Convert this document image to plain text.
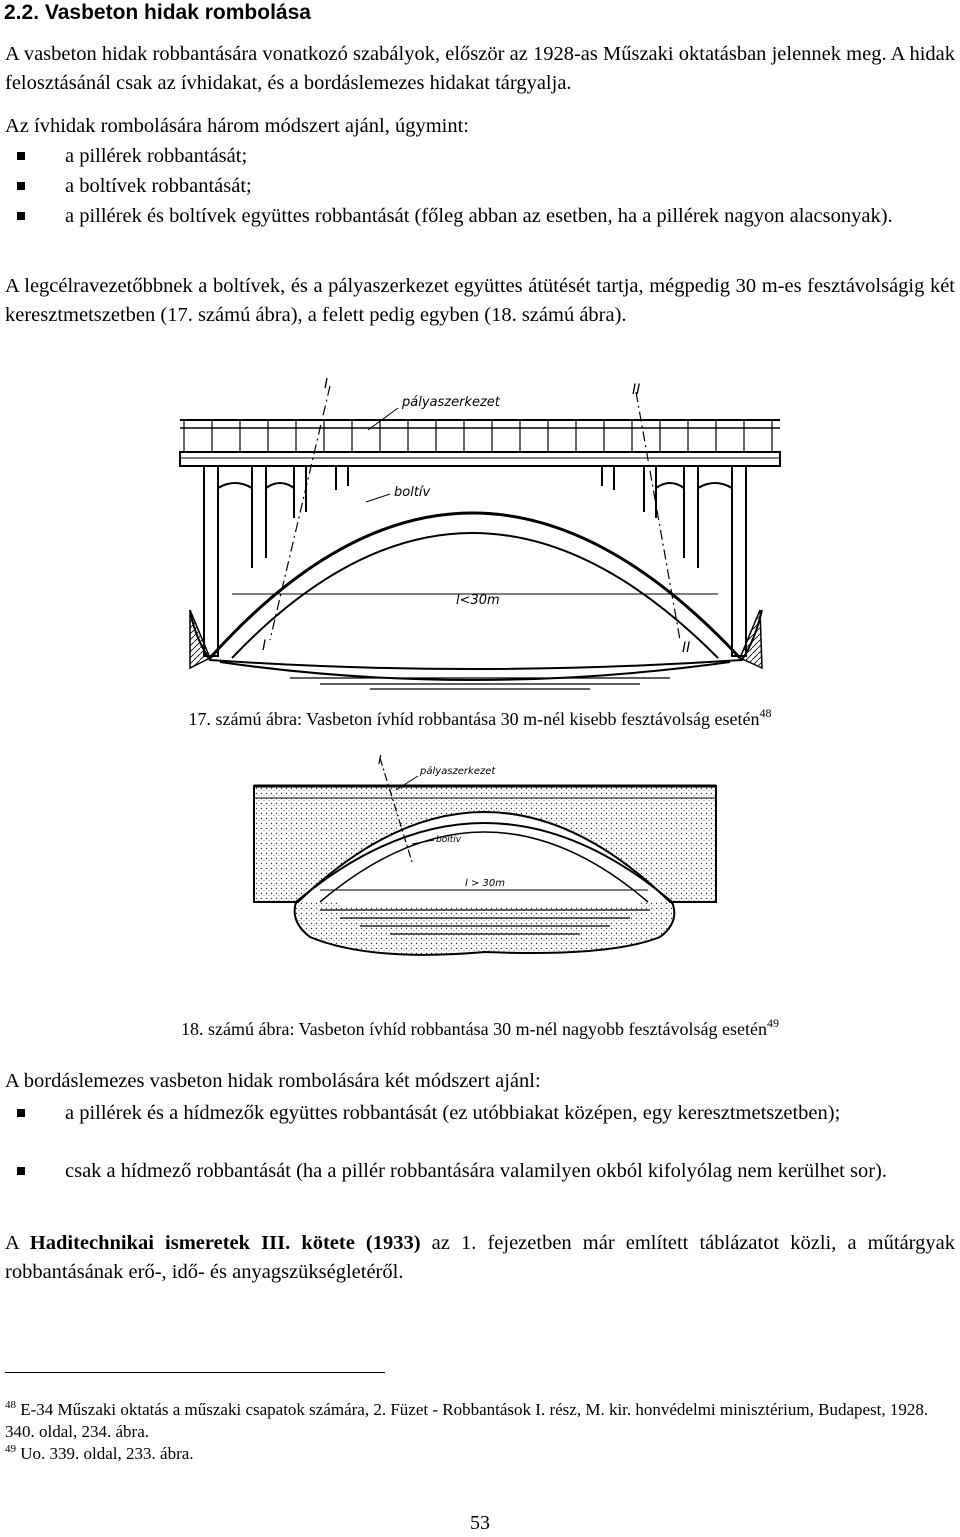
2.2. Vasbeton hidak rombolása

A vasbeton hidak robbantására vonatkozó szabályok, először az 1928-as Műszaki oktatásban jelennek meg. A hidak felosztásánál csak az ívhidakat, és a bordáslemezes hidakat tárgyalja.

Az ívhidak rombolására három módszert ajánl, úgymint:

a pillérek robbantását;
a boltívek robbantását;
a pillérek és boltívek együttes robbantását (főleg abban az esetben, ha a pillérek nagyon alacsonyak).

A legcélravezetőbbnek a boltívek, és a pályaszerkezet együttes átütését tartja, mégpedig 30 m-es fesztávolságig két keresztmetszetben (17. számú ábra), a felett pedig egyben (18. számú ábra).

l<30m
I	II
I	II
pályaszerkezet
boltív
17. számú ábra: Vasbeton ívhíd robbantása 30 m-nél kisebb fesztávolság esetén$^{48}$
l > 30m
I
pályaszerkezet
boltív
18. számú ábra: Vasbeton ívhíd robbantása 30 m-nél nagyobb fesztávolság esetén$^{49}$

A bordáslemezes vasbeton hidak rombolására két módszert ajánl:

a pillérek és a hídmezők együttes robbantását (ez utóbbiakat középen, egy keresztmetszetben);
csak a hídmező robbantását (ha a pillér robbantására valamilyen okból kifolyólag nem kerülhet sor).

A Haditechnikai ismeretek III. kötete (1933) az 1. fejezetben már említett táblázatot közli, a műtárgyak robbantásának erő-, idő- és anyagszükségletéről.

$^{48}$ E-34 Műszaki oktatás a műszaki csapatok számára, 2. Füzet - Robbantások I. rész, M. kir. honvédelmi minisztérium, Budapest, 1928. 340. oldal, 234. ábra.
$^{49}$ Uo. 339. oldal, 233. ábra.
53
